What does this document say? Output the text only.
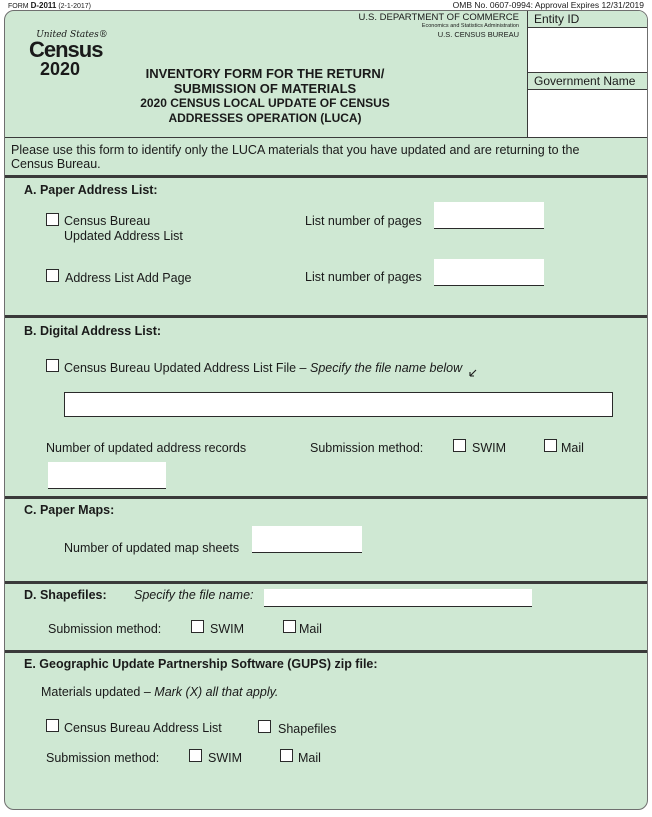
FORM D-2011 (2-1-2017)	OMB No. 0607-0994: Approval Expires 12/31/2019
Entity ID
Government Name
U.S. DEPARTMENT OF COMMERCE
Economics and Statistics Administration
U.S. CENSUS BUREAU
United States®
Census
2020	INVENTORY FORM FOR THE RETURN/
SUBMISSION OF MATERIALS
2020 CENSUS LOCAL UPDATE OF CENSUS
ADDRESSES OPERATION (LUCA)
Please use this form to identify only the LUCA materials that you have updated and are returning to the
Census Bureau.
A. Paper Address List:
Census Bureau
Updated Address List
List number of pages
Address List Add Page	List number of pages
B. Digital Address List:
Census Bureau Updated Address List File – Specify the file name below
Number of updated address records	Submission method:	SWIM	Mail
C. Paper Maps:
Number of updated map sheets
D. Shapefiles: Specify the file name:
Submission method:	SWIM	Mail
E. Geographic Update Partnership Software (GUPS) zip file:
Materials updated – Mark (X) all that apply.
Census Bureau Address List	Shapefiles
Submission method:	SWIM	Mail
